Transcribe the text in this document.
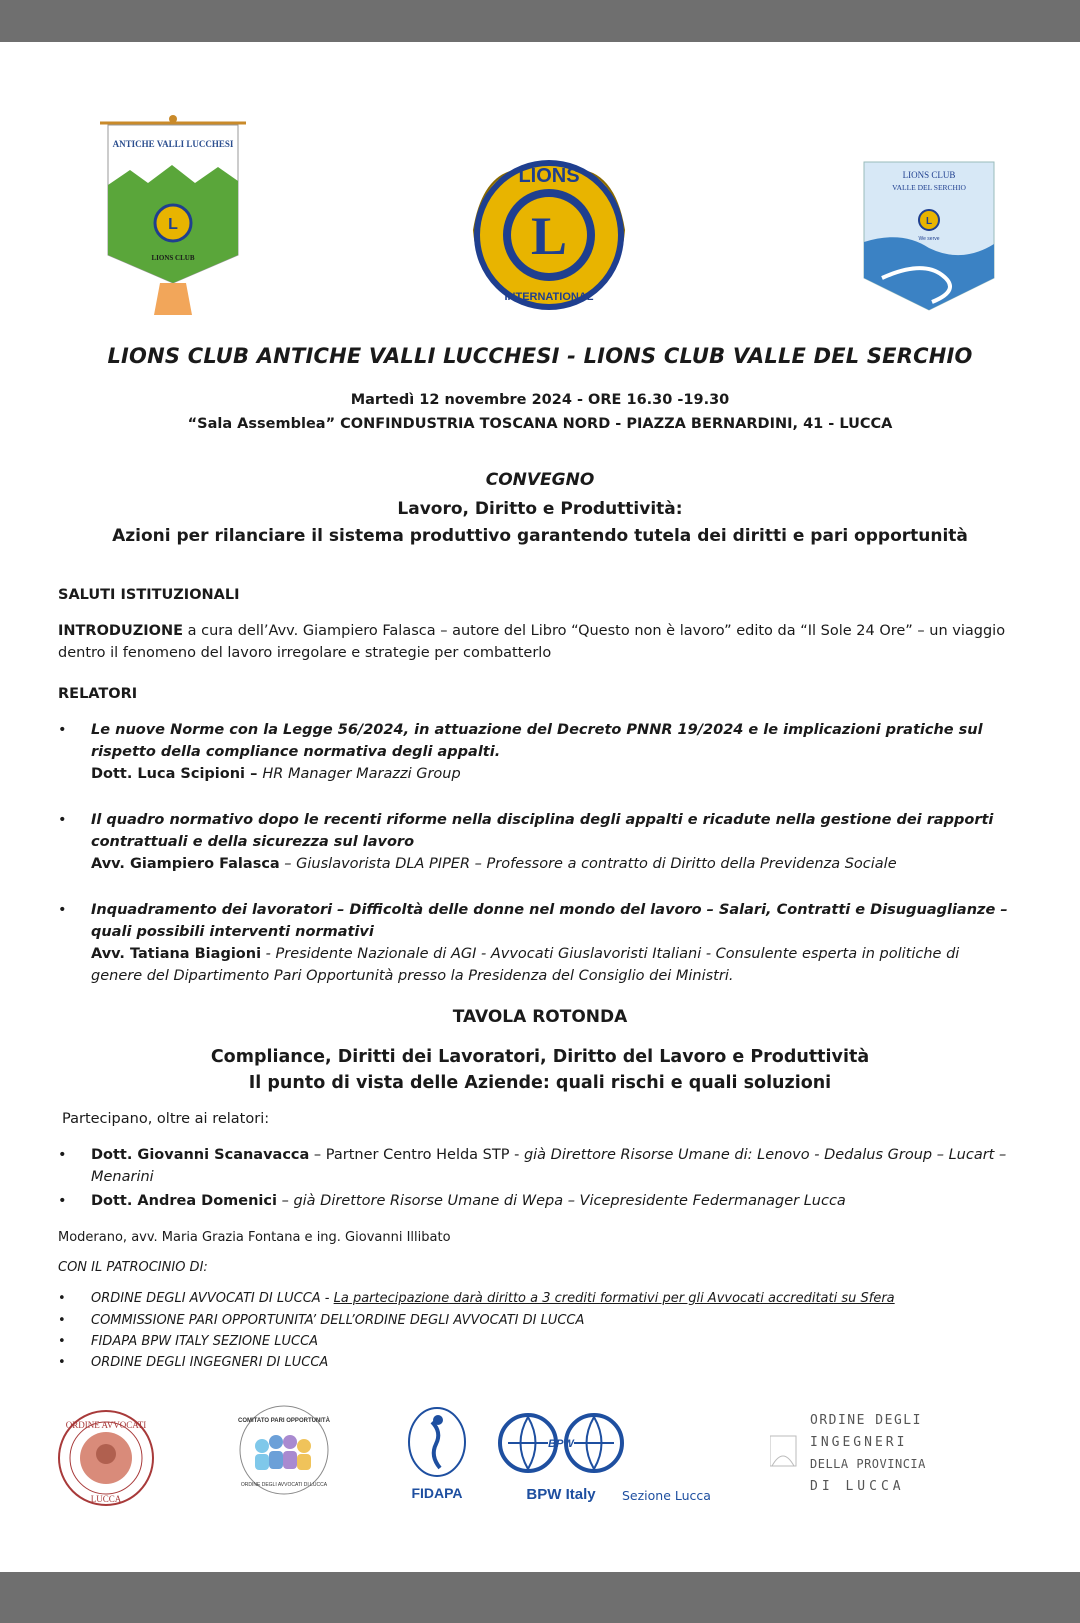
L
ANTICHE VALLI LUCCHESI
LIONS CLUB	L
LIONS
INTERNATIONAL
L
LIONS CLUB
VALLE DEL SERCHIO
We serve
LIONS CLUB ANTICHE VALLI LUCCHESI - LIONS CLUB VALLE DEL SERCHIO
Martedì 12 novembre 2024 - ORE 16.30 -19.30
“Sala Assemblea” CONFINDUSTRIA TOSCANA NORD - PIAZZA BERNARDINI, 41 - LUCCA
CONVEGNO
Lavoro, Diritto e Produttività:
Azioni per rilanciare il sistema produttivo garantendo tutela dei diritti e pari opportunità
SALUTI ISTITUZIONALI
INTRODUZIONE a cura dell’Avv. Giampiero Falasca – autore del Libro “Questo non è lavoro” edito da “Il Sole 24 Ore” – un viaggio dentro il fenomeno del lavoro irregolare e strategie per combatterlo
RELATORI
•	Le nuove Norme con la Legge 56/2024, in attuazione del Decreto PNNR 19/2024 e le implicazioni pratiche sul rispetto della compliance normativa degli appalti.
Dott. Luca Scipioni – HR Manager Marazzi Group
•	Il quadro normativo dopo le recenti riforme nella disciplina degli appalti e ricadute nella gestione dei rapporti contrattuali e della sicurezza sul lavoro
Avv. Giampiero Falasca – Giuslavorista DLA PIPER – Professore a contratto di Diritto della Previdenza Sociale
•	Inquadramento dei lavoratori – Difficoltà delle donne nel mondo del lavoro – Salari, Contratti e Disuguaglianze – quali possibili interventi normativi
Avv. Tatiana Biagioni - Presidente Nazionale di AGI - Avvocati Giuslavoristi Italiani - Consulente esperta in politiche di genere del Dipartimento Pari Opportunità presso la Presidenza del Consiglio dei Ministri.
TAVOLA ROTONDA
Compliance, Diritti dei Lavoratori, Diritto del Lavoro e Produttività
Il punto di vista delle Aziende: quali rischi e quali soluzioni
Partecipano, oltre ai relatori:
•	Dott. Giovanni Scanavacca – Partner Centro Helda STP - già Direttore Risorse Umane di: Lenovo - Dedalus Group – Lucart – Menarini
•	Dott. Andrea Domenici – già Direttore Risorse Umane di Wepa – Vicepresidente Federmanager Lucca
Moderano, avv. Maria Grazia Fontana e ing. Giovanni Illibato
CON IL PATROCINIO DI:
• ORDINE DEGLI AVVOCATI DI LUCCA - La partecipazione darà diritto a 3 crediti formativi per gli Avvocati accreditati su Sfera
• COMMISSIONE PARI OPPORTUNITA’ DELL’ORDINE DEGLI AVVOCATI DI LUCCA
• FIDAPA BPW ITALY SEZIONE LUCCA
• ORDINE DEGLI INGEGNERI DI LUCCA
ORDINE AVVOCATI
LUCCA
COMITATO PARI OPPORTUNITÀ
ORDINE DEGLI AVVOCATI DI LUCCA	FIDAPA
BPW
BPW Italy Sezione Lucca
ORDINE DEGLI
INGEGNERI
DELLA PROVINCIA
DI LUCCA
